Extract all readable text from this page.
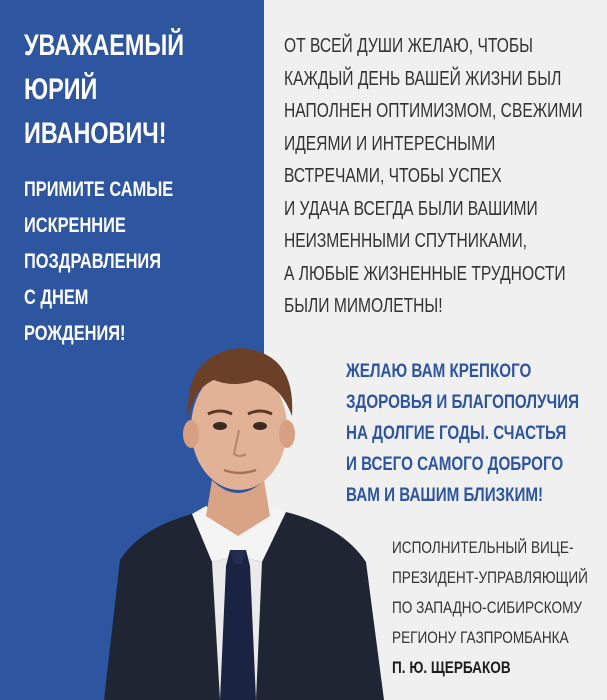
УВАЖАЕМЫЙ
ЮРИЙ
ИВАНОВИЧ!
ПРИМИТЕ САМЫЕ
ИСКРЕННИЕ
ПОЗДРАВЛЕНИЯ
С ДНЕМ
РОЖДЕНИЯ!
ОТ ВСЕЙ ДУШИ ЖЕЛАЮ, ЧТОБЫ
КАЖДЫЙ ДЕНЬ ВАШЕЙ ЖИЗНИ БЫЛ
НАПОЛНЕН ОПТИМИЗМОМ, СВЕЖИМИ
ИДЕЯМИ И ИНТЕРЕСНЫМИ
ВСТРЕЧАМИ, ЧТОБЫ УСПЕХ
И УДАЧА ВСЕГДА БЫЛИ ВАШИМИ
НЕИЗМЕННЫМИ СПУТНИКАМИ,
А ЛЮБЫЕ ЖИЗНЕННЫЕ ТРУДНОСТИ
БЫЛИ МИМОЛЕТНЫ!
ЖЕЛАЮ ВАМ КРЕПКОГО
ЗДОРОВЬЯ И БЛАГОПОЛУЧИЯ
НА ДОЛГИЕ ГОДЫ. СЧАСТЬЯ
И ВСЕГО САМОГО ДОБРОГО
ВАМ И ВАШИМ БЛИЗКИМ!
ИСПОЛНИТЕЛЬНЫЙ ВИЦЕ-
ПРЕЗИДЕНТ-УПРАВЛЯЮЩИЙ
ПО ЗАПАДНО-СИБИРСКОМУ
РЕГИОНУ ГАЗПРОМБАНКА
П. Ю. ЩЕРБАКОВ
